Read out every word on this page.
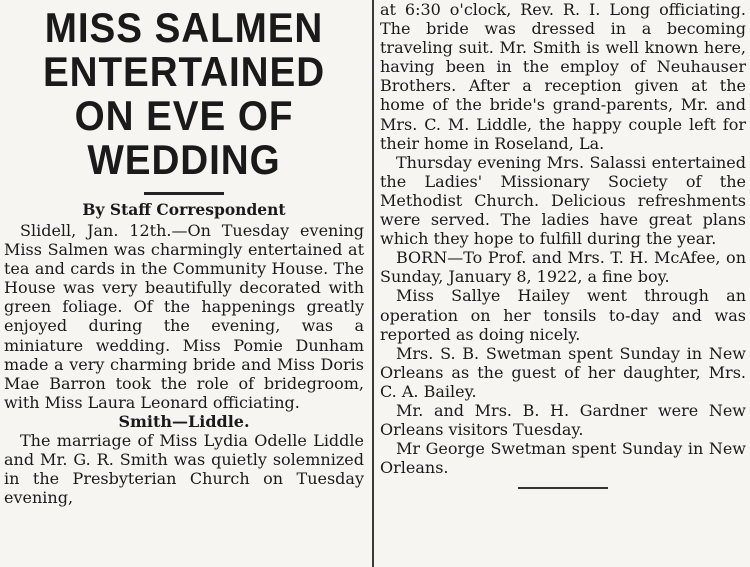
MISS SALMEN
ENTERTAINED
ON EVE OF
WEDDING
By Staff Correspondent

Slidell, Jan. 12th.—On Tuesday evening Miss Salmen was charmingly entertained at tea and cards in the Community House. The House was very beautifully decorated with green foliage. Of the happenings greatly enjoyed during the evening, was a miniature wedding. Miss Pomie Dunham made a very charming bride and Miss Doris Mae Barron took the role of bridegroom, with Miss Laura Leonard officiating.

Smith—Liddle.

The marriage of Miss Lydia Odelle Liddle and Mr. G. R. Smith was quietly solemnized in the Presbyterian Church on Tuesday evening,

at 6:30 o'clock, Rev. R. I. Long officiating. The bride was dressed in a becoming traveling suit. Mr. Smith is well known here, having been in the employ of Neuhauser Brothers. After a reception given at the home of the bride's grand-parents, Mr. and Mrs. C. M. Liddle, the happy couple left for their home in Roseland, La.

Thursday evening Mrs. Salassi entertained the Ladies' Missionary Society of the Methodist Church. Delicious refreshments were served. The ladies have great plans which they hope to fulfill during the year.

BORN—To Prof. and Mrs. T. H. McAfee, on Sunday, January 8, 1922, a fine boy.

Miss Sallye Hailey went through an operation on her tonsils to-day and was reported as doing nicely.

Mrs. S. B. Swetman spent Sunday in New Orleans as the guest of her daughter, Mrs. C. A. Bailey.

Mr. and Mrs. B. H. Gardner were New Orleans visitors Tuesday.

Mr George Swetman spent Sunday in New Orleans.
